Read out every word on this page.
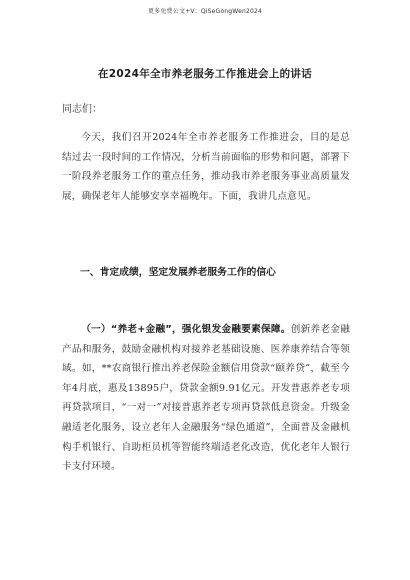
更多免费公文+V：QiSeGongWen2024
在2024年全市养老服务工作推进会上的讲话
同志们：

今天，我们召开2024年全市养老服务工作推进会，目的是总结过去一段时间的工作情况，分析当前面临的形势和问题，部署下一阶段养老服务工作的重点任务，推动我市养老服务事业高质量发展，确保老年人能够安享幸福晚年。下面，我讲几点意见。

一、肯定成绩，坚定发展养老服务工作的信心

（一）“养老+金融”，强化银发金融要素保障。创新养老金融产品和服务，鼓励金融机构对接养老基础设施、医养康养结合等领域。如，**农商银行推出养老保险金额信用贷款“颐养贷”，截至今年4月底，惠及13895户，贷款金额9.91亿元。开发普惠养老专项再贷款项目，“一对一”对接普惠养老专项再贷款低息资金。升级金融适老化服务，设立老年人金融服务“绿色通道”，全面普及金融机构手机银行、自助柜员机等智能终端适老化改造，优化老年人银行卡支付环境。
